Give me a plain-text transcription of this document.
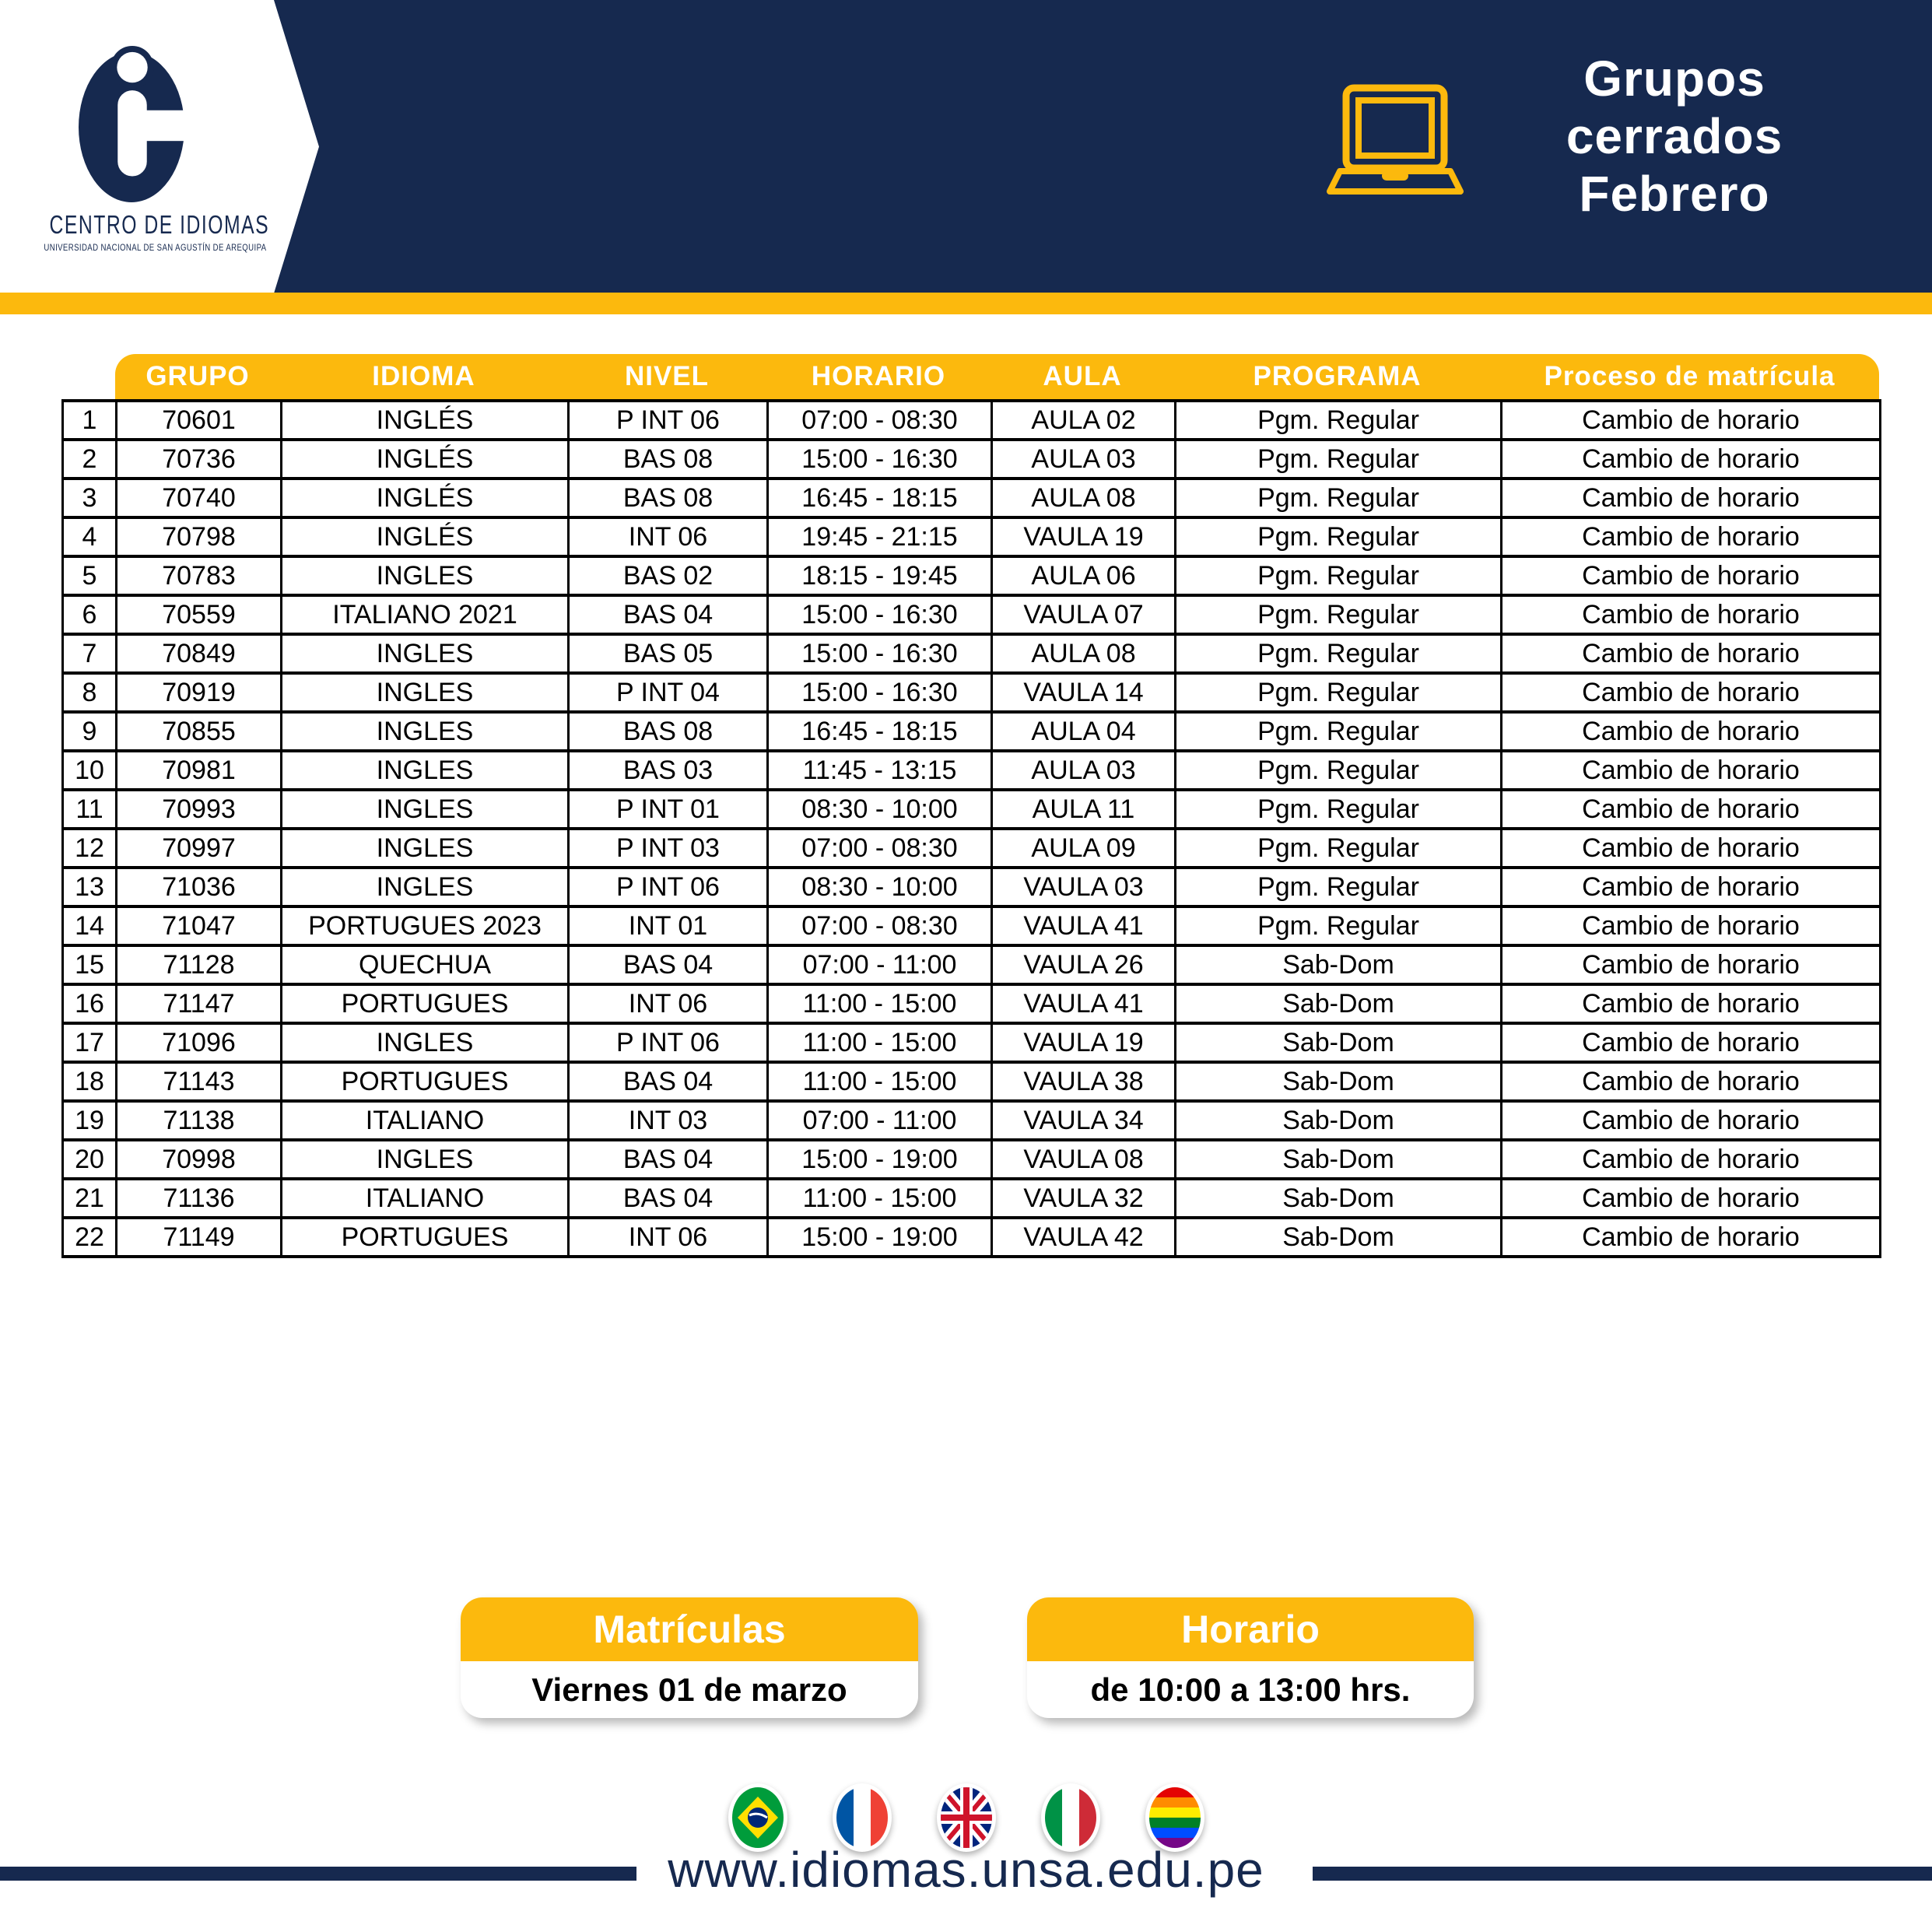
CENTRO DE IDIOMAS
UNIVERSIDAD NACIONAL DE SAN AGUSTÍN DE AREQUIPA
Grupos
cerrados
Febrero
GRUPO	IDIOMA	NIVEL	HORARIO	AULA	PROGRAMA	Proceso de matrícula
1	70601	INGLÉS	P INT 06	07:00 - 08:30	AULA 02	Pgm. Regular	Cambio de horario
2	70736	INGLÉS	BAS 08	15:00 - 16:30	AULA 03	Pgm. Regular	Cambio de horario
3	70740	INGLÉS	BAS 08	16:45 - 18:15	AULA 08	Pgm. Regular	Cambio de horario
4	70798	INGLÉS	INT 06	19:45 - 21:15	VAULA 19	Pgm. Regular	Cambio de horario
5	70783	INGLES	BAS 02	18:15 - 19:45	AULA 06	Pgm. Regular	Cambio de horario
6	70559	ITALIANO 2021	BAS 04	15:00 - 16:30	VAULA 07	Pgm. Regular	Cambio de horario
7	70849	INGLES	BAS 05	15:00 - 16:30	AULA 08	Pgm. Regular	Cambio de horario
8	70919	INGLES	P INT 04	15:00 - 16:30	VAULA 14	Pgm. Regular	Cambio de horario
9	70855	INGLES	BAS 08	16:45 - 18:15	AULA 04	Pgm. Regular	Cambio de horario
10	70981	INGLES	BAS 03	11:45 - 13:15	AULA 03	Pgm. Regular	Cambio de horario
11	70993	INGLES	P INT 01	08:30 - 10:00	AULA 11	Pgm. Regular	Cambio de horario
12	70997	INGLES	P INT 03	07:00 - 08:30	AULA 09	Pgm. Regular	Cambio de horario
13	71036	INGLES	P INT 06	08:30 - 10:00	VAULA 03	Pgm. Regular	Cambio de horario
14	71047	PORTUGUES 2023	INT 01	07:00 - 08:30	VAULA 41	Pgm. Regular	Cambio de horario
15	71128	QUECHUA	BAS 04	07:00 - 11:00	VAULA 26	Sab-Dom	Cambio de horario
16	71147	PORTUGUES	INT 06	11:00 - 15:00	VAULA 41	Sab-Dom	Cambio de horario
17	71096	INGLES	P INT 06	11:00 - 15:00	VAULA 19	Sab-Dom	Cambio de horario
18	71143	PORTUGUES	BAS 04	11:00 - 15:00	VAULA 38	Sab-Dom	Cambio de horario
19	71138	ITALIANO	INT 03	07:00 - 11:00	VAULA 34	Sab-Dom	Cambio de horario
20	70998	INGLES	BAS 04	15:00 - 19:00	VAULA 08	Sab-Dom	Cambio de horario
21	71136	ITALIANO	BAS 04	11:00 - 15:00	VAULA 32	Sab-Dom	Cambio de horario
22	71149	PORTUGUES	INT 06	15:00 - 19:00	VAULA 42	Sab-Dom	Cambio de horario
Matrículas
Viernes 01 de marzo
Horario
de 10:00 a 13:00 hrs.
www.idiomas.unsa.edu.pe
